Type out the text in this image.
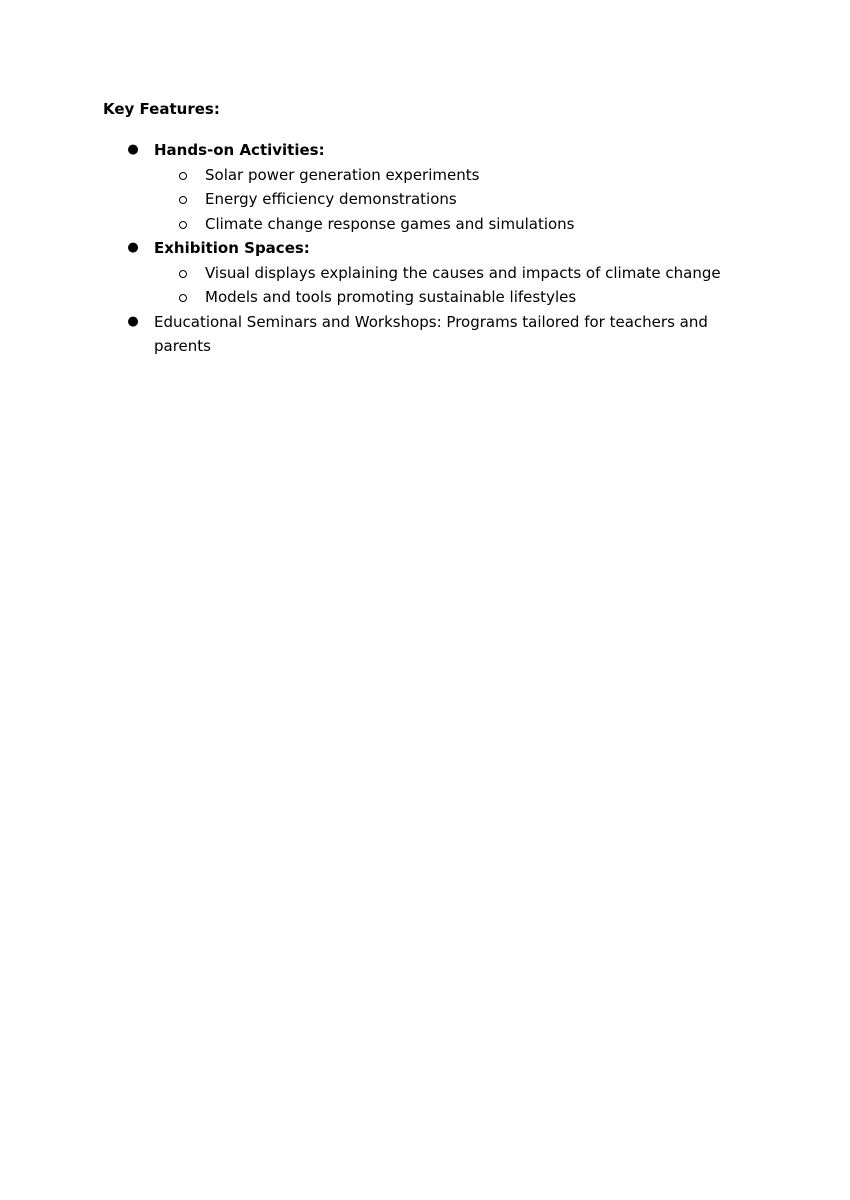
Key Features:

● Hands-on Activities:
Solar power generation experiments
Energy efficiency demonstrations
Climate change response games and simulations
● Exhibition Spaces:
Visual displays explaining the causes and impacts of climate change
Models and tools promoting sustainable lifestyles
● Educational Seminars and Workshops: Programs tailored for teachers and parents
